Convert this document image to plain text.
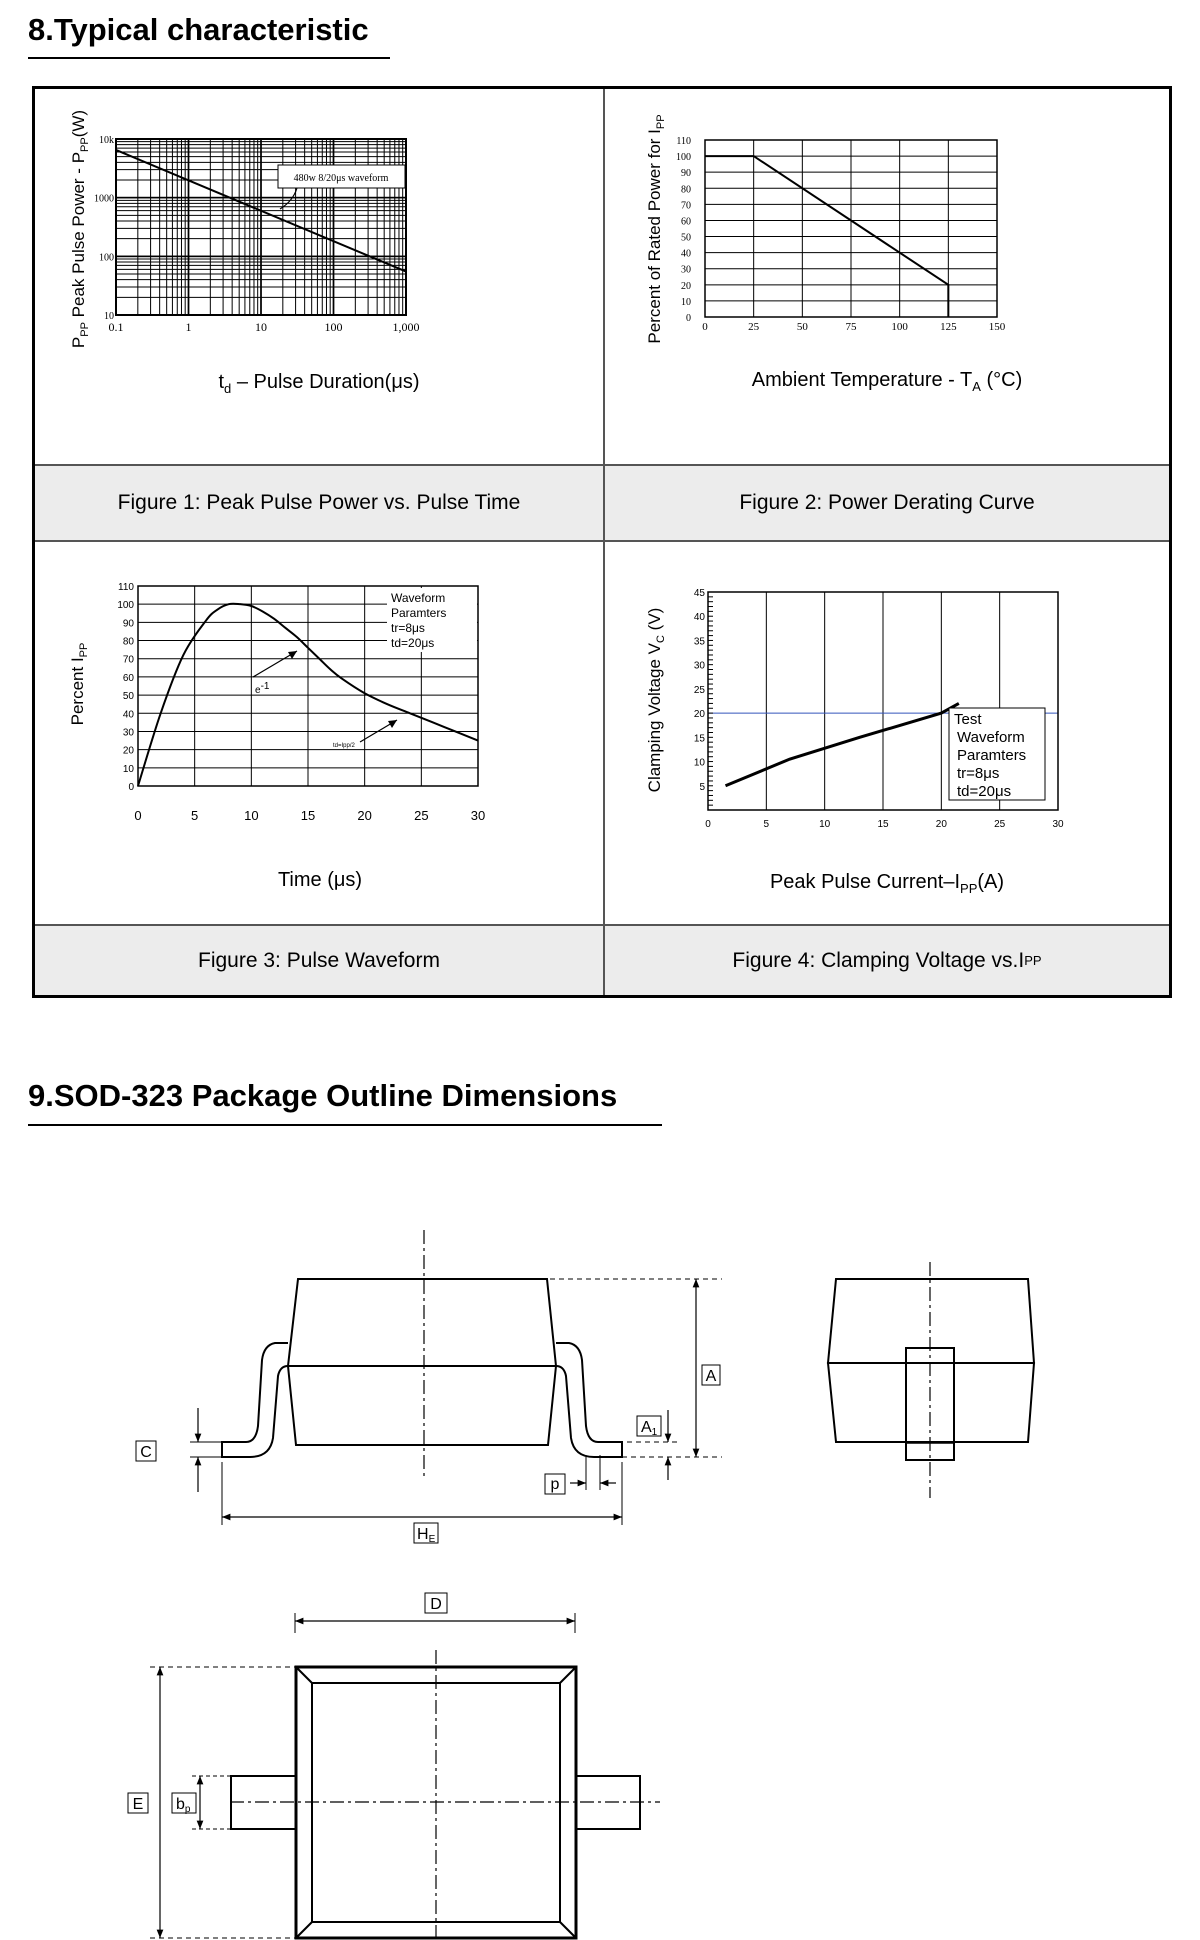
8.Typical characteristic
480w 8/20μs waveform
0.1	1	10	100	1,000
10k
1000
100
10
$t_d$ – Pulse Duration(μs)
$P_{PP}$ Peak Pulse Power - $P_{PP}(W)$
Figure 1: Peak Pulse Power vs. Pulse Time
0	25	50	75	100	125	150
0
10
20
30
40
50
60
70
80
90
100
110
Ambient Temperature - $T_A$ (°C)
Percent of Rated Power for $I_{PP}$
Figure 2: Power Derating Curve
0	5	10	15	20	25	30
0
10
20
30
40
50
60
70
80
90
100
110
Waveform
Paramters
tr=8μs
td=20μs
e-1
td=Ipp/2
Time (μs)
Percent $I_{PP}$
Figure 3: Pulse Waveform
0	5	10	15	20	25	30
5
10
15
20
25
30
35
40
45
Test
Waveform
Paramters
tr=8μs
td=20μs
Peak Pulse Current–$I_{PP}(A)$
Clamping Voltage $V_C$ (V)
Figure 4: Clamping Voltage vs.I PP
9.SOD-323 Package Outline Dimensions
A
A1
C
HE
p
D
E bp
